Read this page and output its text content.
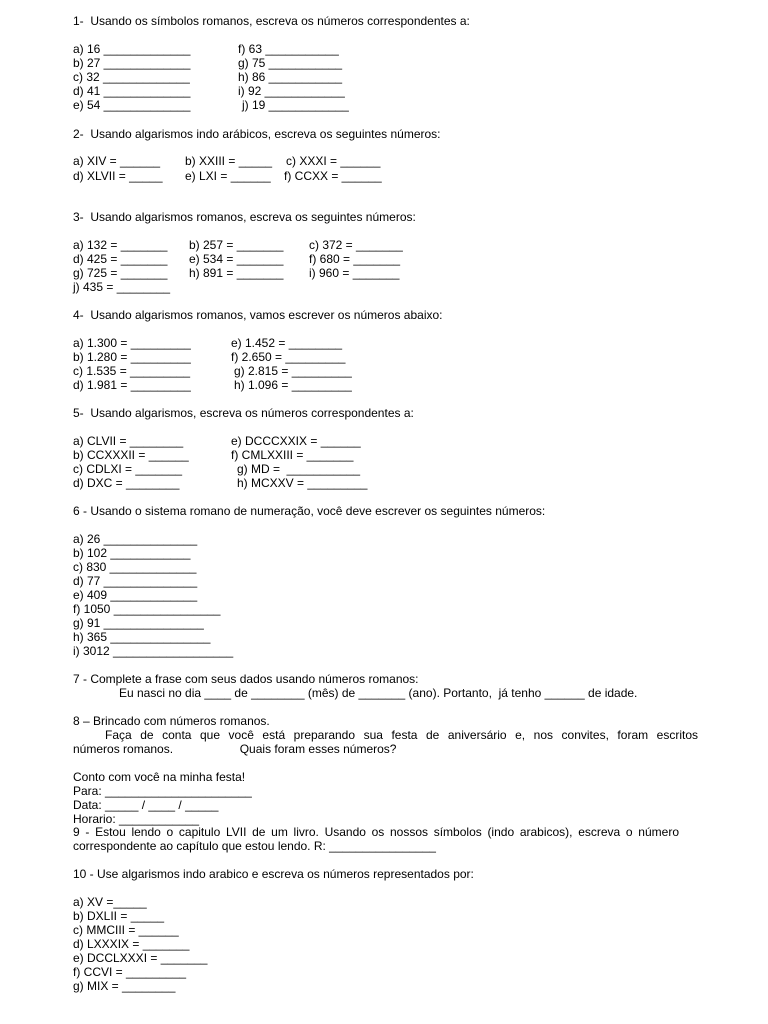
1-  Usando os símbolos romanos, escreva os números correspondentes a:
a) 16 _____________
b) 27 _____________
c) 32 _____________
d) 41 _____________
e) 54 _____________
f) 63 ___________
g) 75 ___________
h) 86 ___________
i) 92 ____________
j) 19 ____________
2-  Usando algarismos indo arábicos, escreva os seguintes números:
a) XIV = ______ b) XXIII = _____ c) XXXI = ______
d) XLVII = _____ e) LXI = ______ f) CCXX = ______
3-  Usando algarismos romanos, escreva os seguintes números:
a) 132 = _______ b) 257 = _______ c) 372 = _______
d) 425 = _______ e) 534 = _______ f) 680 = _______
g) 725 = _______ h) 891 = _______ i) 960 = _______
j) 435 = ________
4-  Usando algarismos romanos, vamos escrever os números abaixo:
a) 1.300 = _________
b) 1.280 = _________
c) 1.535 = _________
d) 1.981 = _________
e) 1.452 = ________
f) 2.650 = _________
g) 2.815 = _________
h) 1.096 = _________
5-  Usando algarismos, escreva os números correspondentes a:
a) CLVII = ________
b) CCXXXII = ______
c) CDLXI = _______
d) DXC = ________
e) DCCCXXIX = ______
f) CMLXXIII = _______
g) MD =  ___________
h) MCXXV = _________
6 - Usando o sistema romano de numeração, você deve escrever os seguintes números:
a) 26 ______________
b) 102 ____________
c) 830 _____________
d) 77 ______________
e) 409 _____________
f) 1050 ________________
g) 91 _______________
h) 365 _______________
i) 3012 __________________
7 - Complete a frase com seus dados usando números romanos:
Eu nasci no dia ____ de ________ (mês) de _______ (ano). Portanto,  já tenho ______ de idade.
8 – Brincado com números romanos.
Faça de conta que você está preparando sua festa de aniversário e, nos convites, foram escritos
números romanos.                    Quais foram esses números?
Conto com você na minha festa!
Para: ______________________
Data: _____ / ____ / _____
Horario: ____________
9 - Estou lendo o capitulo LVII de um livro. Usando os nossos símbolos (indo arabicos), escreva o número
correspondente ao capítulo que estou lendo. R: ________________
10 - Use algarismos indo arabico e escreva os números representados por:
a) XV =_____
b) DXLII = _____
c) MMCIII = ______
d) LXXXIX = _______
e) DCCLXXXI = _______
f) CCVI = _________
g) MIX = ________
